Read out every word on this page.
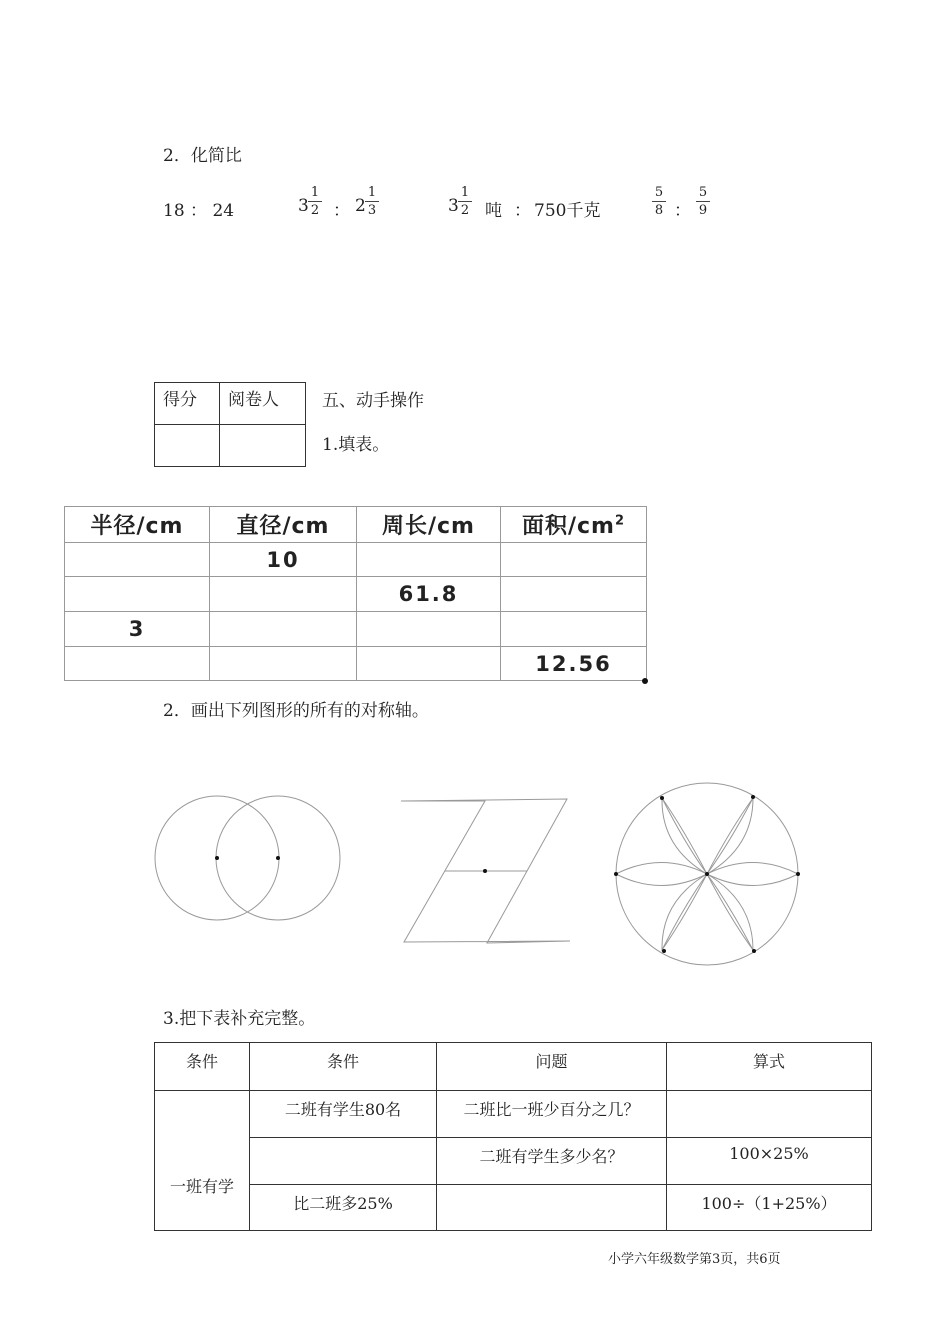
2．化简比
18 ： 24	$3 \frac{1}{2}$ ： $2 \frac{1}{3}$	$3 \frac{1}{2}$ 吨 ： 750千克	$\frac{5}{8}$ ： $\frac{5}{9}$
得分	阅卷人
		五、动手操作
1.填表。
半径/cm	直径/cm	周长/cm	面积$/cm^2$
	10		
		61.8	
3			
			12.56
2．画出下列图形的所有的对称轴。
3.把下表补充完整。
条件	条件	问题	算式
一班有学	二班有学生80名	二班比一班少百分之几？	
		二班有学生多少名？	100×25%
	比二班多25%		100÷（1+25%）
小学六年级数学第3页，共6页
